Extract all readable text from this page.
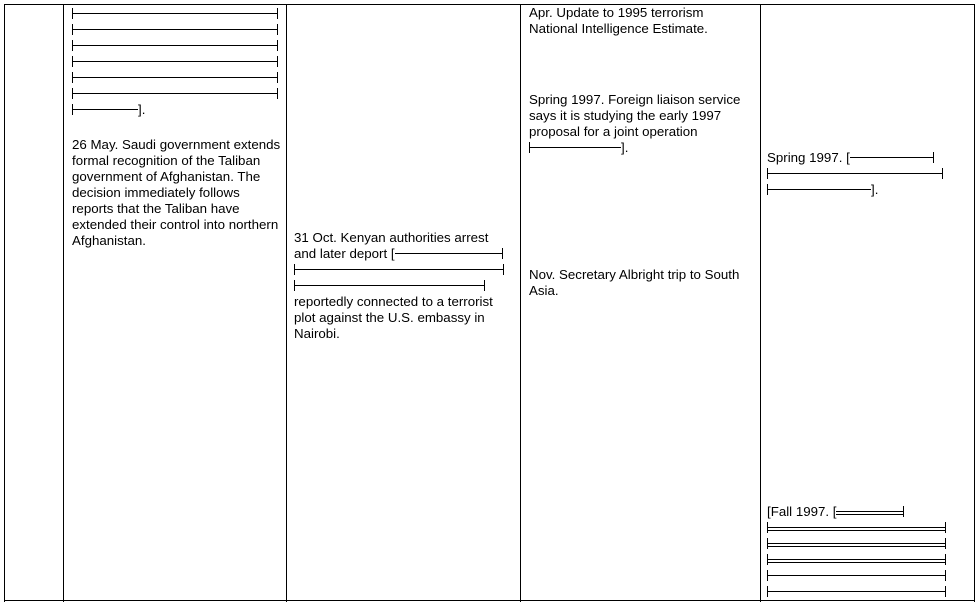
].
26 May. Saudi government extends formal recognition of the Taliban government of Afghanistan. The decision immediately follows reports that the Taliban have extended their control into northern Afghanistan.	31 Oct. Kenyan authorities arrest
and later deport [
reportedly connected to a terrorist plot against the U.S. embassy in Nairobi.
Apr. Update to 1995 terrorism National Intelligence Estimate.
Spring 1997. Foreign liaison service says it is studying the early 1997 proposal for a joint operation
].
Nov. Secretary Albright trip to South Asia.
Spring 1997. [
].
[Fall 1997. [
